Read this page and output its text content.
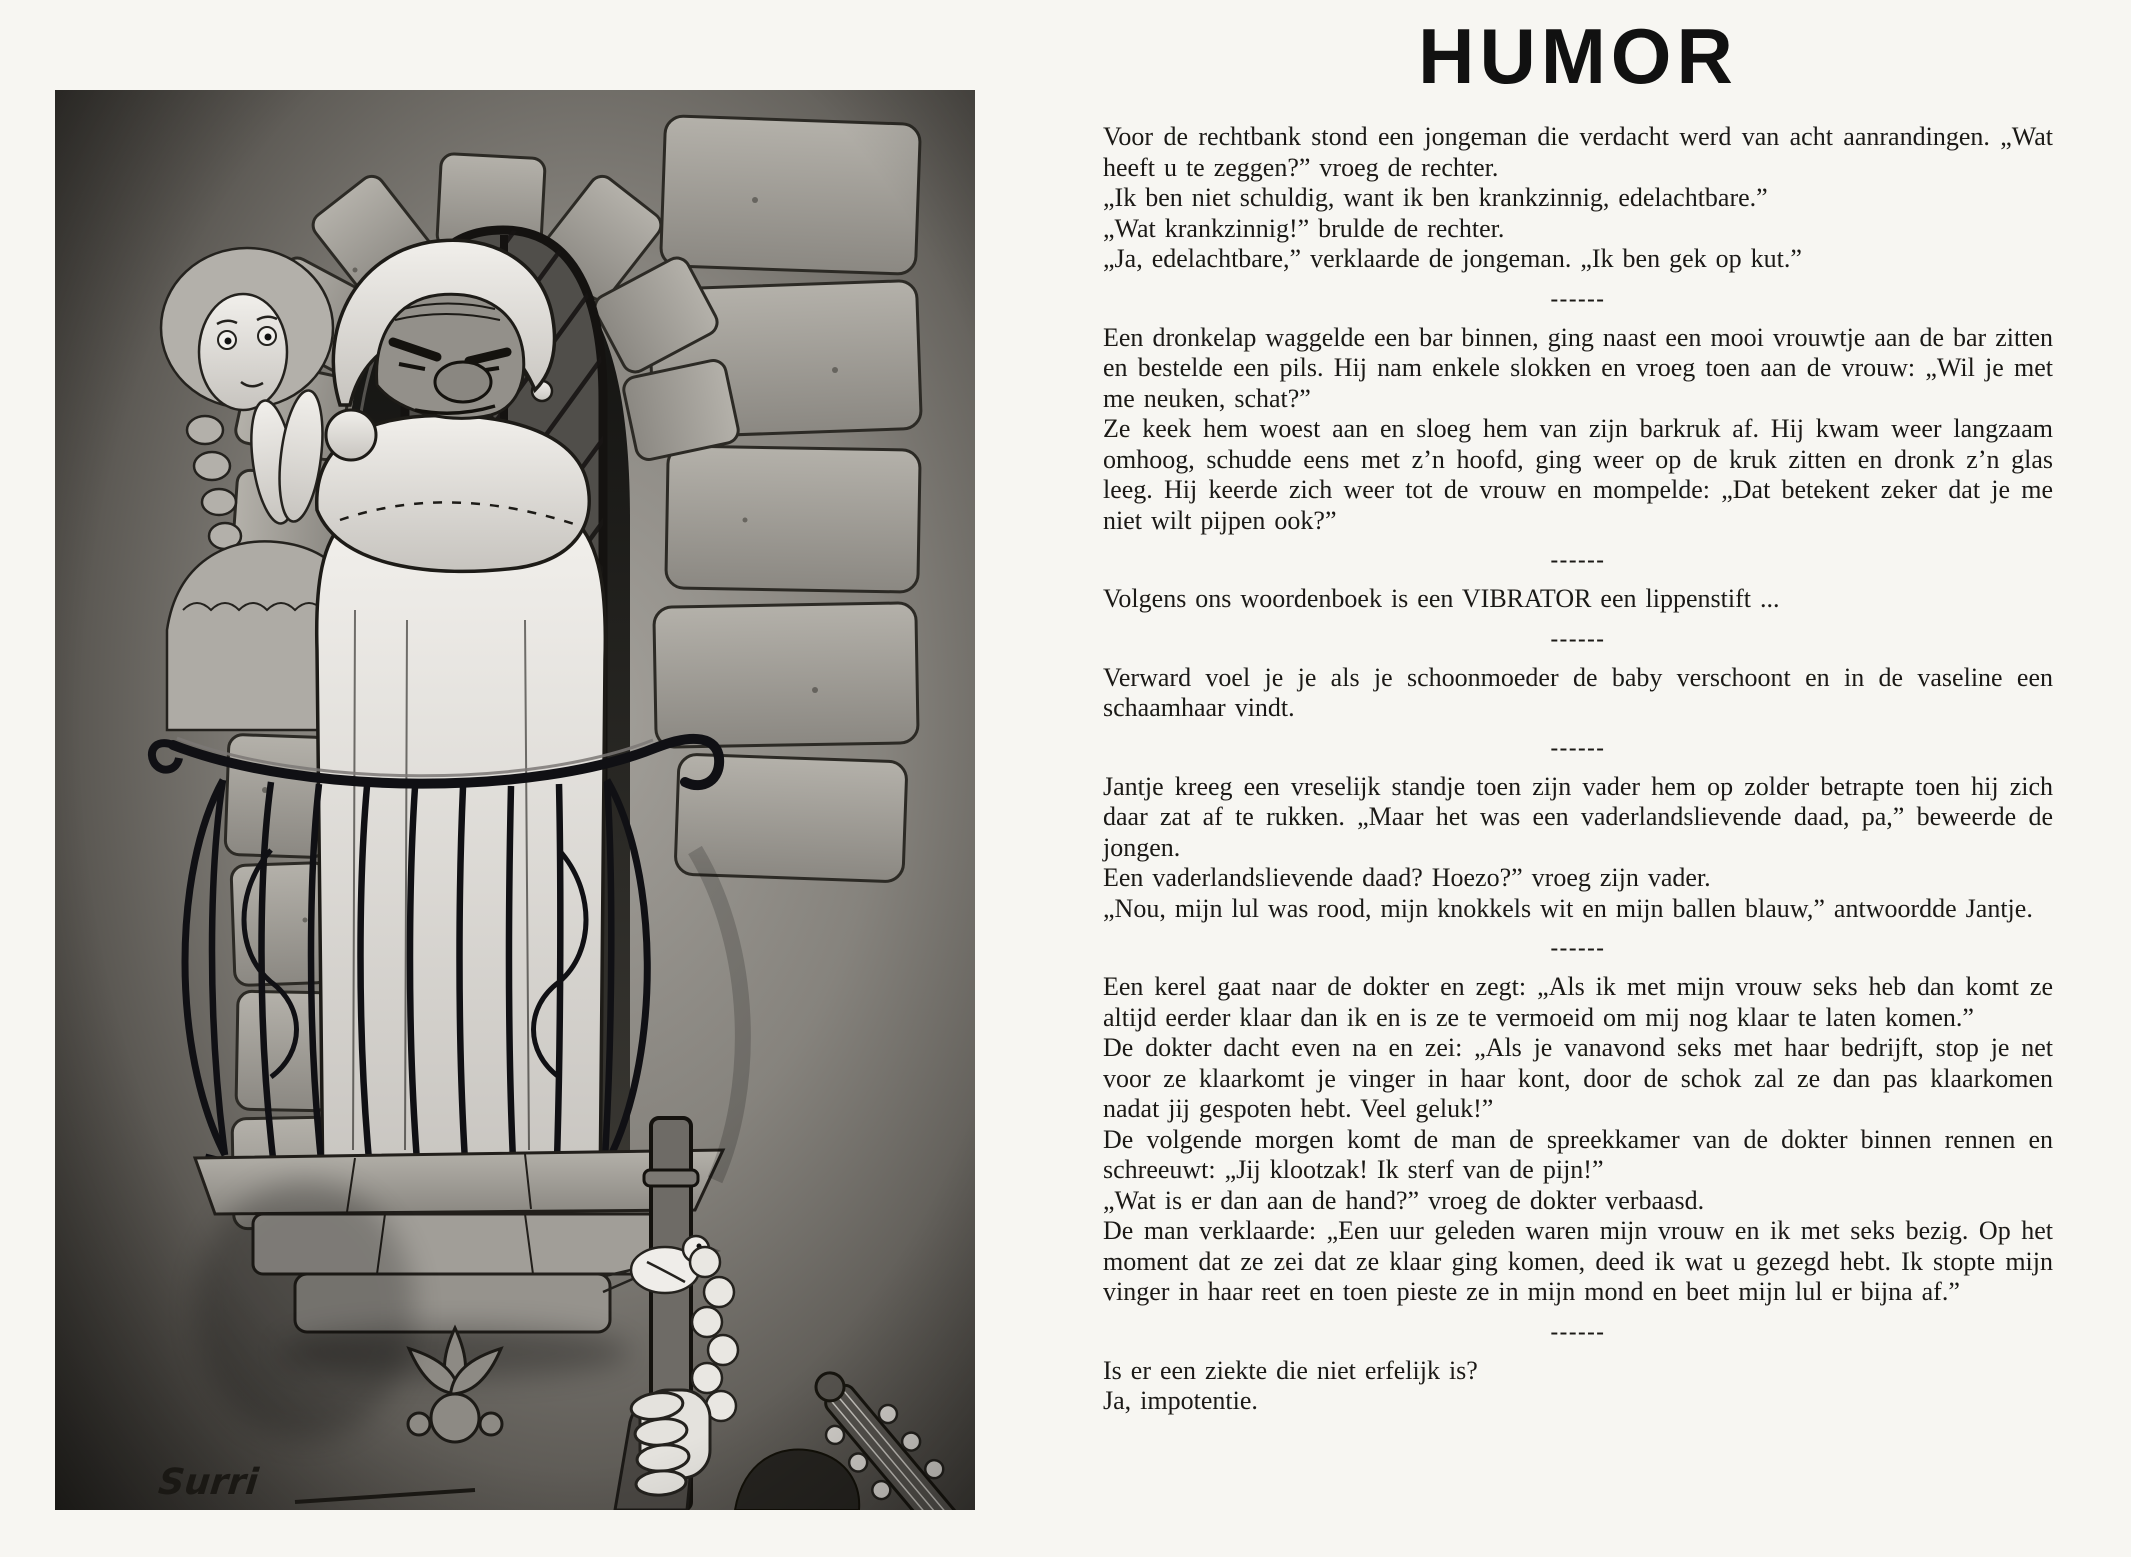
Surri
HUMOR

Voor de rechtbank stond een jongeman die verdacht werd van acht aanrandingen. „Wat heeft u te zeggen?” vroeg de rechter.

„Ik ben niet schuldig, want ik ben krankzinnig, edelachtbare.”

„Wat krankzinnig!” brulde de rechter.

„Ja, edelachtbare,” verklaarde de jongeman. „Ik ben gek op kut.”

------

Een dronkelap waggelde een bar binnen, ging naast een mooi vrouwtje aan de bar zitten en bestelde een pils. Hij nam enkele slokken en vroeg toen aan de vrouw: „Wil je met me neuken, schat?”

Ze keek hem woest aan en sloeg hem van zijn barkruk af. Hij kwam weer langzaam omhoog, schudde eens met z’n hoofd, ging weer op de kruk zitten en dronk z’n glas leeg. Hij keerde zich weer tot de vrouw en mompelde: „Dat betekent zeker dat je me niet wilt pijpen ook?”

------

Volgens ons woordenboek is een VIBRATOR een lippenstift ...

------

Verward voel je je als je schoonmoeder de baby verschoont en in de vaseline een schaamhaar vindt.

------

Jantje kreeg een vreselijk standje toen zijn vader hem op zolder betrapte toen hij zich daar zat af te rukken. „Maar het was een vaderlandslievende daad, pa,” beweerde de jongen.

Een vaderlandslievende daad? Hoezo?” vroeg zijn vader.

„Nou, mijn lul was rood, mijn knokkels wit en mijn ballen blauw,” antwoordde Jantje.

------

Een kerel gaat naar de dokter en zegt: „Als ik met mijn vrouw seks heb dan komt ze altijd eerder klaar dan ik en is ze te vermoeid om mij nog klaar te laten komen.”

De dokter dacht even na en zei: „Als je vanavond seks met haar bedrijft, stop je net voor ze klaarkomt je vinger in haar kont, door de schok zal ze dan pas klaarkomen nadat jij gespoten hebt. Veel geluk!”

De volgende morgen komt de man de spreekkamer van de dokter binnen rennen en schreeuwt: „Jij klootzak! Ik sterf van de pijn!”

„Wat is er dan aan de hand?” vroeg de dokter verbaasd.

De man verklaarde: „Een uur geleden waren mijn vrouw en ik met seks bezig. Op het moment dat ze zei dat ze klaar ging komen, deed ik wat u gezegd hebt. Ik stopte mijn vinger in haar reet en toen pieste ze in mijn mond en beet mijn lul er bijna af.”

------

Is er een ziekte die niet erfelijk is?

Ja, impotentie.
